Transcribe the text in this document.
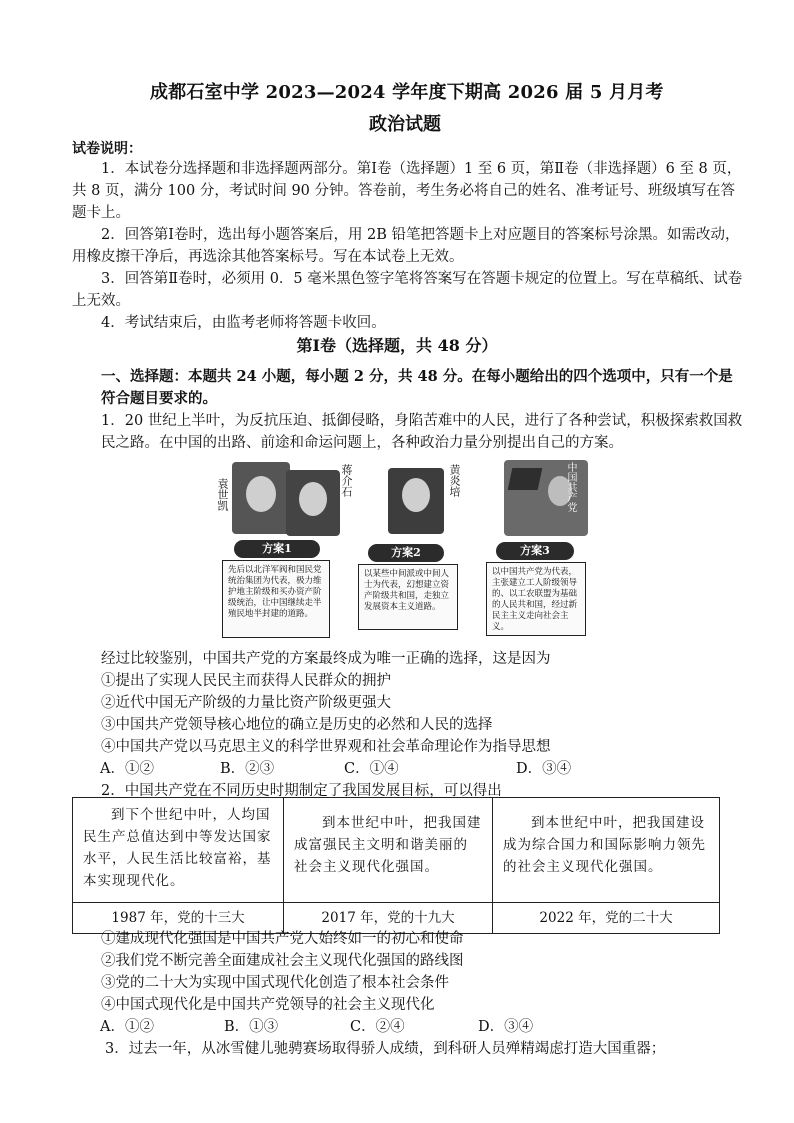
成都石室中学 2023—2024 学年度下期高 2026 届 5 月月考
政治试题
试卷说明：

1．本试卷分选择题和非选择题两部分。第Ⅰ卷（选择题）1 至 6 页，第Ⅱ卷（非选择题）6 至 8 页，共 8 页，满分 100 分，考试时间 90 分钟。答卷前，考生务必将自己的姓名、准考证号、班级填写在答题卡上。

2．回答第Ⅰ卷时，选出每小题答案后，用 2B 铅笔把答题卡上对应题目的答案标号涂黑。如需改动，用橡皮擦干净后，再选涂其他答案标号。写在本试卷上无效。

3．回答第Ⅱ卷时，必须用 0．5 毫米黑色签字笔将答案写在答题卡规定的位置上。写在草稿纸、试卷上无效。

4．考试结束后，由监考老师将答题卡收回。

第Ⅰ卷（选择题，共 48 分）

一、选择题：本题共 24 小题，每小题 2 分，共 48 分。在每小题给出的四个选项中，只有一个是符合题目要求的。

1．20 世纪上半叶，为反抗压迫、抵御侵略，身陷苦难中的人民，进行了各种尝试，积极探索救国救民之路。在中国的出路、前途和命运问题上，各种政治力量分别提出自己的方案。

袁世凯	蒋介石	黄炎培	中国共产党
方案1
先后以北洋军阀和国民党统治集团为代表，极力维护地主阶级和买办资产阶级统治，让中国继续走半殖民地半封建的道路。
方案2
以某些中间派或中间人士为代表，幻想建立资产阶级共和国，走独立发展资本主义道路。
方案3
以中国共产党为代表，主张建立工人阶级领导的、以工农联盟为基础的人民共和国，经过新民主主义走向社会主义。

经过比较鉴别，中国共产党的方案最终成为唯一正确的选择，这是因为

①提出了实现人民民主而获得人民群众的拥护

②近代中国无产阶级的力量比资产阶级更强大

③中国共产党领导核心地位的确立是历史的必然和人民的选择

④中国共产党以马克思主义的科学世界观和社会革命理论作为指导思想

A．①②	B．②③	C．①④	D．③④

2．中国共产党在不同历史时期制定了我国发展目标，可以得出

到下个世纪中叶，人均国民生产总值达到中等发达国家水平，人民生活比较富裕，基本实现现代化。	到本世纪中叶，把我国建成富强民主文明和谐美丽的社会主义现代化强国。	到本世纪中叶，把我国建设成为综合国力和国际影响力领先的社会主义现代化强国。
1987 年，党的十三大	2017 年，党的十九大	2022 年，党的二十大

①建成现代化强国是中国共产党人始终如一的初心和使命

②我们党不断完善全面建成社会主义现代化强国的路线图

③党的二十大为实现中国式现代化创造了根本社会条件

④中国式现代化是中国共产党领导的社会主义现代化

A．①②	B．①③	C．②④	D．③④

3．过去一年，从冰雪健儿驰骋赛场取得骄人成绩，到科研人员殚精竭虑打造大国重器；
